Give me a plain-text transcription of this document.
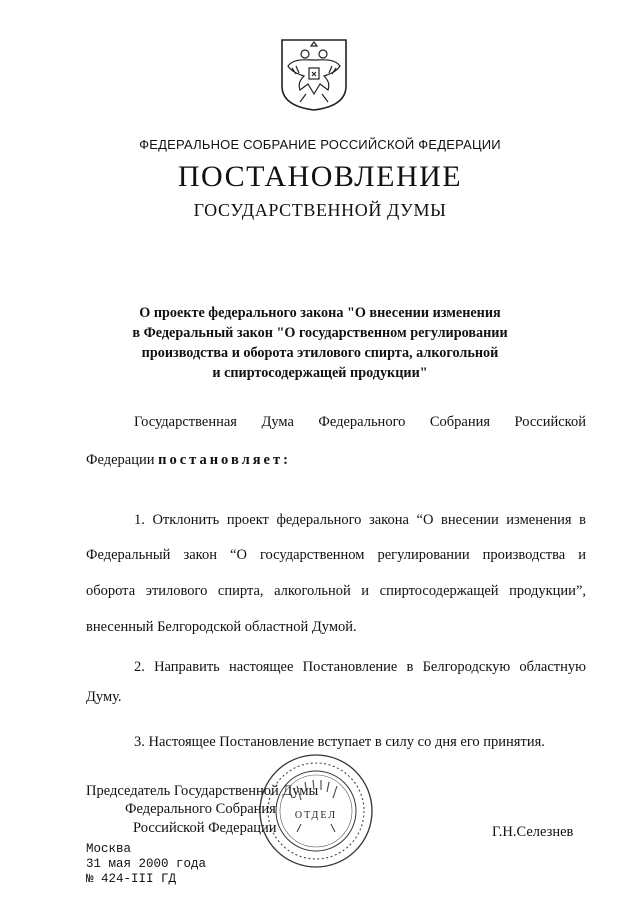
ФЕДЕРАЛЬНОЕ СОБРАНИЕ РОССИЙСКОЙ ФЕДЕРАЦИИ
ПОСТАНОВЛЕНИЕ
ГОСУДАРСТВЕННОЙ ДУМЫ
О проекте федерального закона "О внесении изменения
в Федеральный закон "О государственном регулировании
производства и оборота этилового спирта, алкогольной
и спиртосодержащей продукции"
Государственная Дума Федерального Собрания Российской
Федерации постановляет:
1. Отклонить проект федерального закона “О внесении изменения в
Федеральный закон “О государственном регулировании производства и
оборота этилового спирта, алкогольной и спиртосодержащей продукции”,
внесенный Белгородской областной Думой.
2. Направить настоящее Постановление в Белгородскую областную
Думу.
3. Настоящее Постановление вступает в силу со дня его принятия.
Председатель Государственной Думы
Федерального Собрания
Российской Федерации	Г.Н.Селезнев
ОТДЕЛ
Москва
31 мая 2000 года
№ 424-III ГД
